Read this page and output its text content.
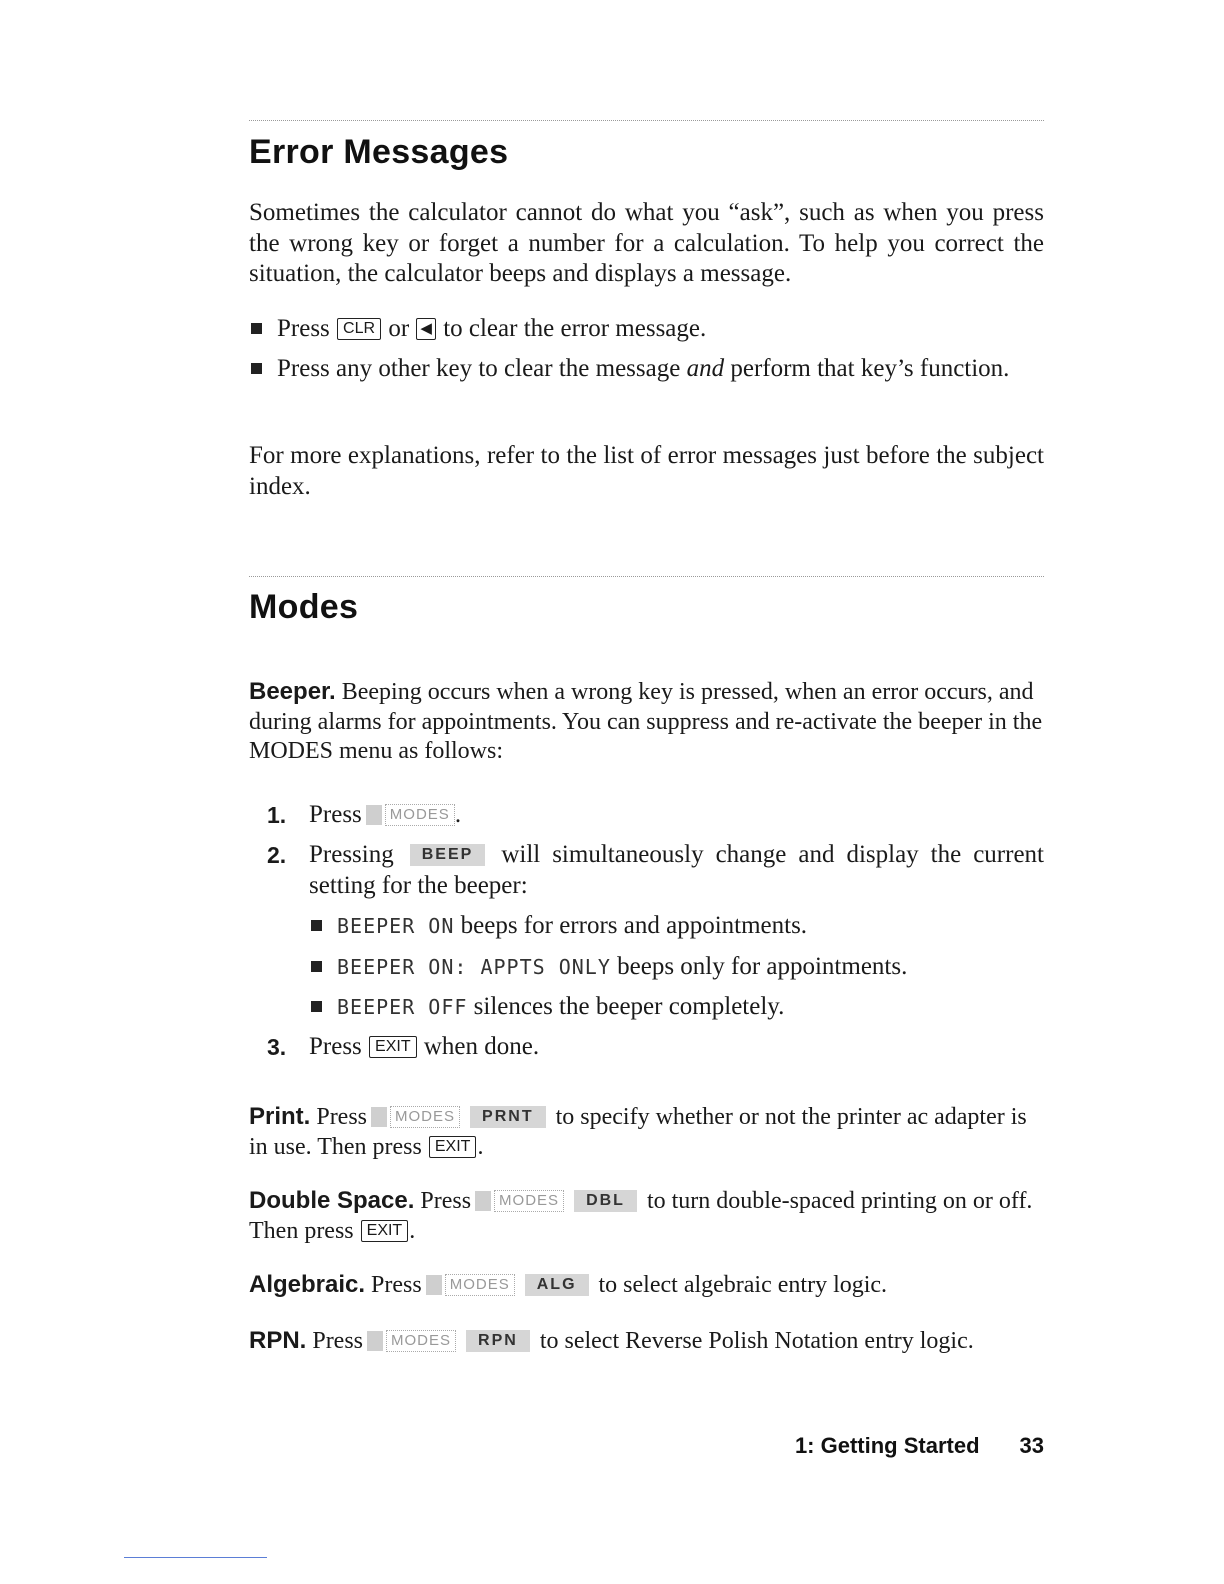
Error Messages

Sometimes the calculator cannot do what you “ask”, such as when you press the wrong key or forget a number for a calculation. To help you correct the situation, the calculator beeps and displays a message.

Press CLR or ◀ to clear the error message.
Press any other key to clear the message and perform that key’s function.

For more explanations, refer to the list of error messages just before the subject index.

Modes

Beeper. Beeping occurs when a wrong key is pressed, when an error occurs, and during alarms for appointments. You can suppress and re-activate the beeper in the MODES menu as follows:

1. Press MODES .
2. Pressing BEEP will simultaneously change and display the current setting for the beeper:
BEEPER ON beeps for errors and appointments.
BEEPER ON: APPTS ONLY beeps only for appointments.
BEEPER OFF silences the beeper completely.
3. Press EXIT when done.

Print. Press MODES PRNT to specify whether or not the printer ac adapter is in use. Then press EXIT .

Double Space. Press MODES DBL to turn double-spaced printing on or off. Then press EXIT .

Algebraic. Press MODES ALG to select algebraic entry logic.

RPN. Press MODES RPN to select Reverse Polish Notation entry logic.

1: Getting Started 33
